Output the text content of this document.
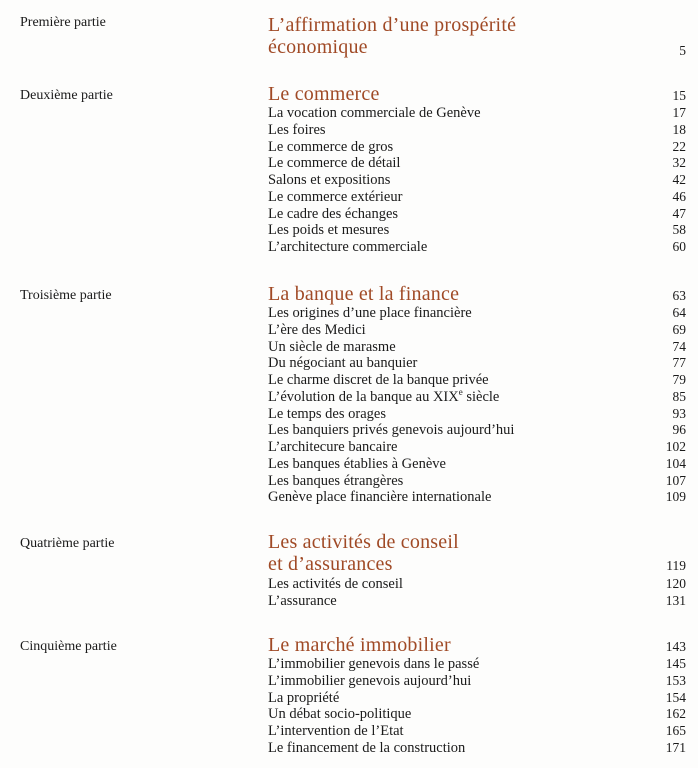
Première partie	L’affirmation d’une prospérité
économique	5
Deuxième partie	Le commerce	15
La vocation commerciale de Genève	17
Les foires	18
Le commerce de gros	22
Le commerce de détail	32
Salons et expositions	42
Le commerce extérieur	46
Le cadre des échanges	47
Les poids et mesures	58
L’architecture commerciale	60
Troisième partie	La banque et la finance	63
Les origines d’une place financière	64
L’ère des Medici	69
Un siècle de marasme	74
Du négociant au banquier	77
Le charme discret de la banque privée	79
L’évolution de la banque au XIXe siècle	85
Le temps des orages	93
Les banquiers privés genevois aujourd’hui	96
L’architecure bancaire	102
Les banques établies à Genève	104
Les banques étrangères	107
Genève place financière internationale	109
Quatrième partie	Les activités de conseil
et d’assurances	119
Les activités de conseil	120
L’assurance	131
Cinquième partie	Le marché immobilier	143
L’immobilier genevois dans le passé	145
L’immobilier genevois aujourd’hui	153
La propriété	154
Un débat socio-politique	162
L’intervention de l’Etat	165
Le financement de la construction	171
